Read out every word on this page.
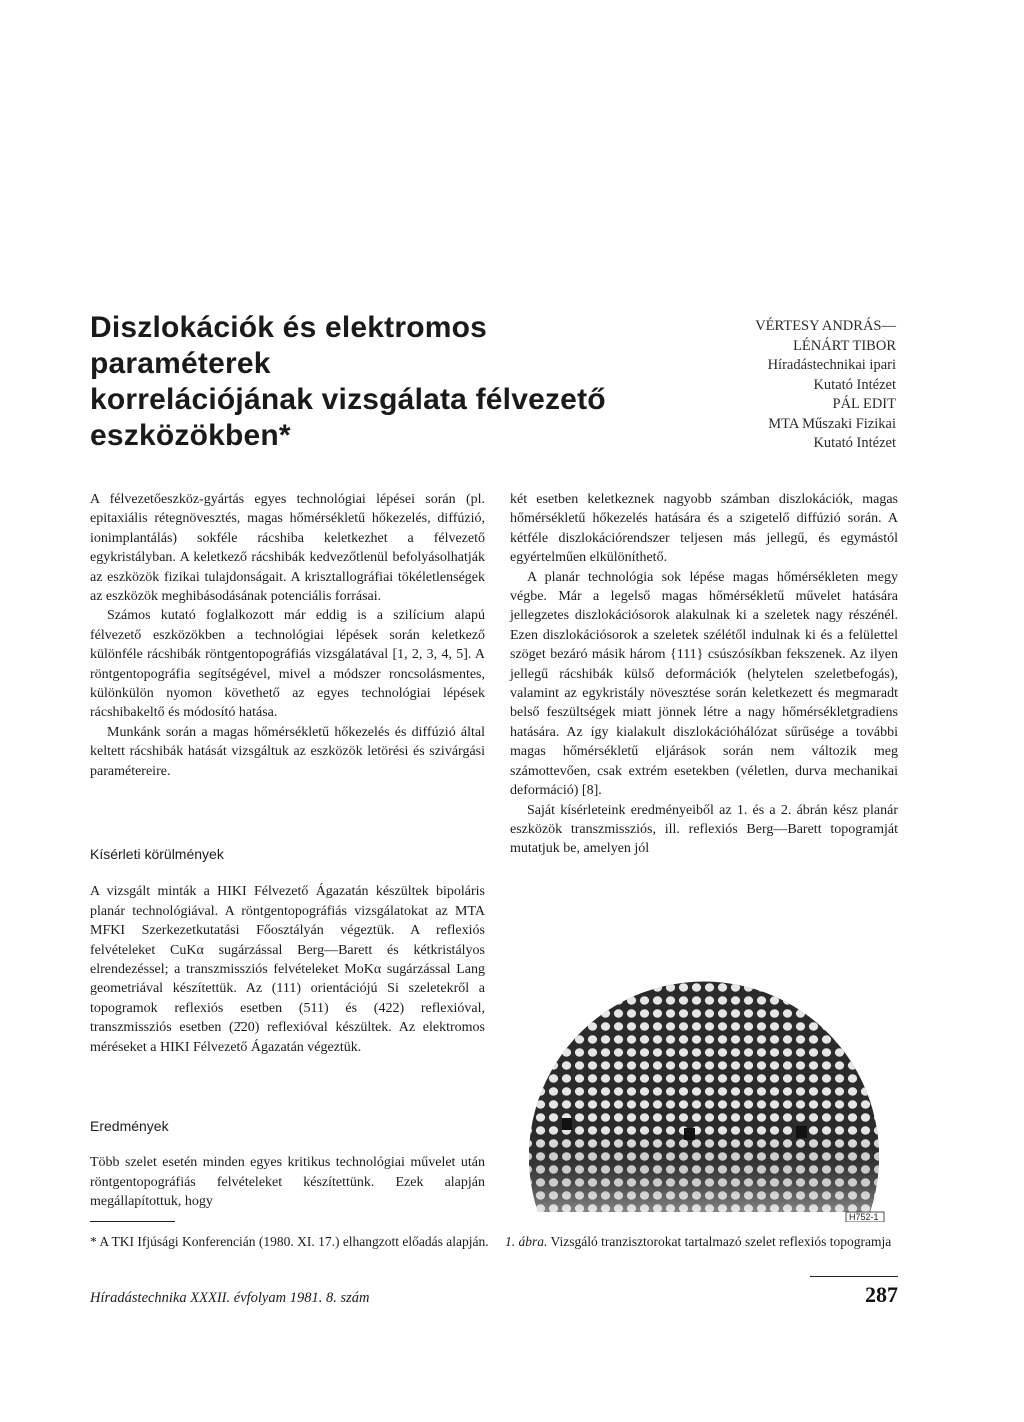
Diszlokációk és elektromos paraméterek
korrelációjának vizsgálata félvezető
eszközökben*
VÉRTESY ANDRÁS—
LÉNÁRT TIBOR
Híradástechnikai ipari
Kutató Intézet
PÁL EDIT
MTA Műszaki Fizikai
Kutató Intézet

A félvezetőeszköz-gyártás egyes technológiai lépései során (pl. epitaxiális rétegnövesztés, magas hőmérsékletű hőkezelés, diffúzió, ionimplantálás) sokféle rácshiba keletkezhet a félvezető egykristályban. A keletkező rácshibák kedvezőtlenül befolyásolhatják az eszközök fizikai tulajdonságait. A krisztallográfiai tökéletlenségek az eszközök meghibásodásának potenciális forrásai.

Számos kutató foglalkozott már eddig is a szilícium alapú félvezető eszközökben a technológiai lépések során keletkező különféle rácshibák röntgentopográfiás vizsgálatával [1, 2, 3, 4, 5]. A röntgentopográfia segítségével, mivel a módszer roncsolásmentes, különkülön nyomon követhető az egyes technológiai lépések rácshibakeltő és módosító hatása.

Munkánk során a magas hőmérsékletű hőkezelés és diffúzió által keltett rácshibák hatását vizsgáltuk az eszközök letörési és szivárgási paramétereire.

Kísérleti körülmények

A vizsgált minták a HIKI Félvezető Ágazatán készültek bipoláris planár technológiával. A röntgentopográfiás vizsgálatokat az MTA MFKI Szerkezetkutatási Főosztályán végeztük. A reflexiós felvételeket CuKα sugárzással Berg—Barett és kétkristályos elrendezéssel; a transzmissziós felvételeket MoKα sugárzással Lang geometriával készítettük. Az (111) orientációjú Si szeletekről a topogramok reflexiós esetben (511) és (422) reflexióval, transzmissziós esetben (2̄20) reflexióval készültek. Az elektromos méréseket a HIKI Félvezető Ágazatán végeztük.

Eredmények

Több szelet esetén minden egyes kritikus technológiai művelet után röntgentopográfiás felvételeket készítettünk. Ezek alapján megállapítottuk, hogy

két esetben keletkeznek nagyobb számban diszlokációk, magas hőmérsékletű hőkezelés hatására és a szigetelő diffúzió során. A kétféle diszlokációrendszer teljesen más jellegű, és egymástól egyértelműen elkülöníthető.

A planár technológia sok lépése magas hőmérsékleten megy végbe. Már a legelső magas hőmérsékletű művelet hatására jellegzetes diszlokációsorok alakulnak ki a szeletek nagy részénél. Ezen diszlokációsorok a szeletek szélétől indulnak ki és a felülettel szöget bezáró másik három {111} csúszósíkban fekszenek. Az ilyen jellegű rácshibák külső deformációk (helytelen szeletbefogás), valamint az egykristály növesztése során keletkezett és megmaradt belső feszültségek miatt jönnek létre a nagy hőmérsékletgradiens hatására. Az így kialakult diszlokációhálózat sűrűsége a további magas hőmérsékletű eljárások során nem változik meg számottevően, csak extrém esetekben (véletlen, durva mechanikai deformáció) [8].

Saját kísérleteink eredményeiből az 1. és a 2. ábrán kész planár eszközök transzmissziós, ill. reflexiós Berg—Barett topogramját mutatjuk be, amelyen jól

H752-1
* A TKI Ifjúsági Konferencián (1980. XI. 17.) elhangzott előadás alapján. 1. ábra. Vizsgáló tranzisztorokat tartalmazó szelet reflexiós topogramja
Híradástechnika XXXII. évfolyam 1981. 8. szám	287
